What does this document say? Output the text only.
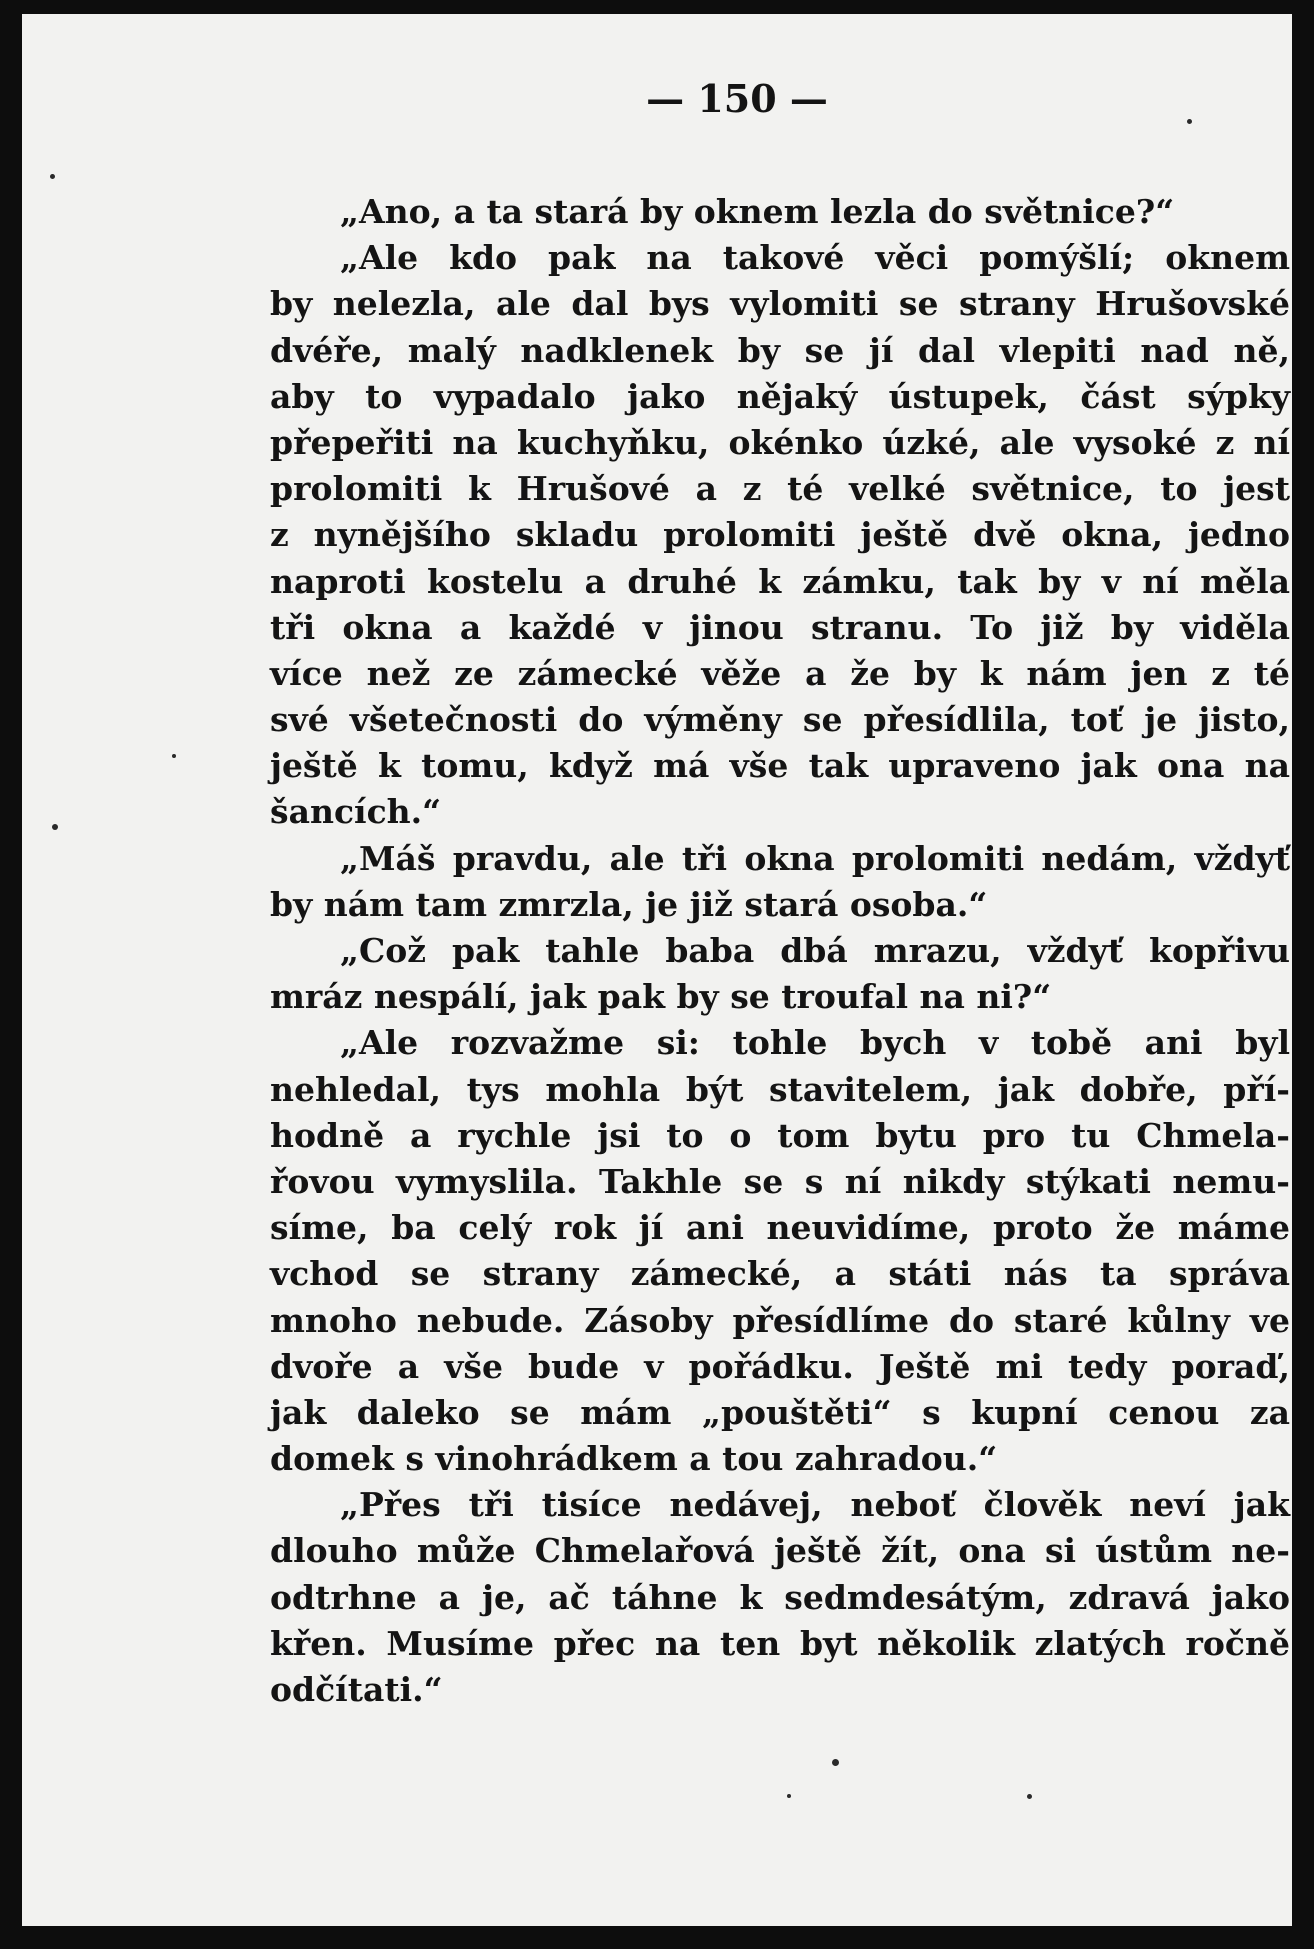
— 150 —
„Ano, a ta stará by oknem lezla do světnice?“
„Ale kdo pak na takové věci pomýšlí; oknem
by nelezla, ale dal bys vylomiti se strany Hrušovské
dvéře, malý nadklenek by se jí dal vlepiti nad ně,
aby to vypadalo jako nějaký ústupek, část sýpky
přepeřiti na kuchyňku, okénko úzké, ale vysoké z ní
prolomiti k Hrušové a z té velké světnice, to jest
z nynějšího skladu prolomiti ještě dvě okna, jedno
naproti kostelu a druhé k zámku, tak by v ní měla
tři okna a každé v jinou stranu. To již by viděla
více než ze zámecké věže a že by k nám jen z té
své všetečnosti do výměny se přesídlila, toť je jisto,
ještě k tomu, když má vše tak upraveno jak ona na
šancích.“
„Máš pravdu, ale tři okna prolomiti nedám, vždyť
by nám tam zmrzla, je již stará osoba.“
„Což pak tahle baba dbá mrazu, vždyť kopřivu
mráz nespálí, jak pak by se troufal na ni?“
„Ale rozvažme si: tohle bych v tobě ani byl
nehledal, tys mohla být stavitelem, jak dobře, pří-
hodně a rychle jsi to o tom bytu pro tu Chmela-
řovou vymyslila. Takhle se s ní nikdy stýkati nemu-
síme, ba celý rok jí ani neuvidíme, proto že máme
vchod se strany zámecké, a státi nás ta správa
mnoho nebude. Zásoby přesídlíme do staré kůlny ve
dvoře a vše bude v pořádku. Ještě mi tedy poraď,
jak daleko se mám „pouštěti“ s kupní cenou za
domek s vinohrádkem a tou zahradou.“
„Přes tři tisíce nedávej, neboť člověk neví jak
dlouho může Chmelařová ještě žít, ona si ústům ne-
odtrhne a je, ač táhne k sedmdesátým, zdravá jako
křen. Musíme přec na ten byt několik zlatých ročně
odčítati.“
